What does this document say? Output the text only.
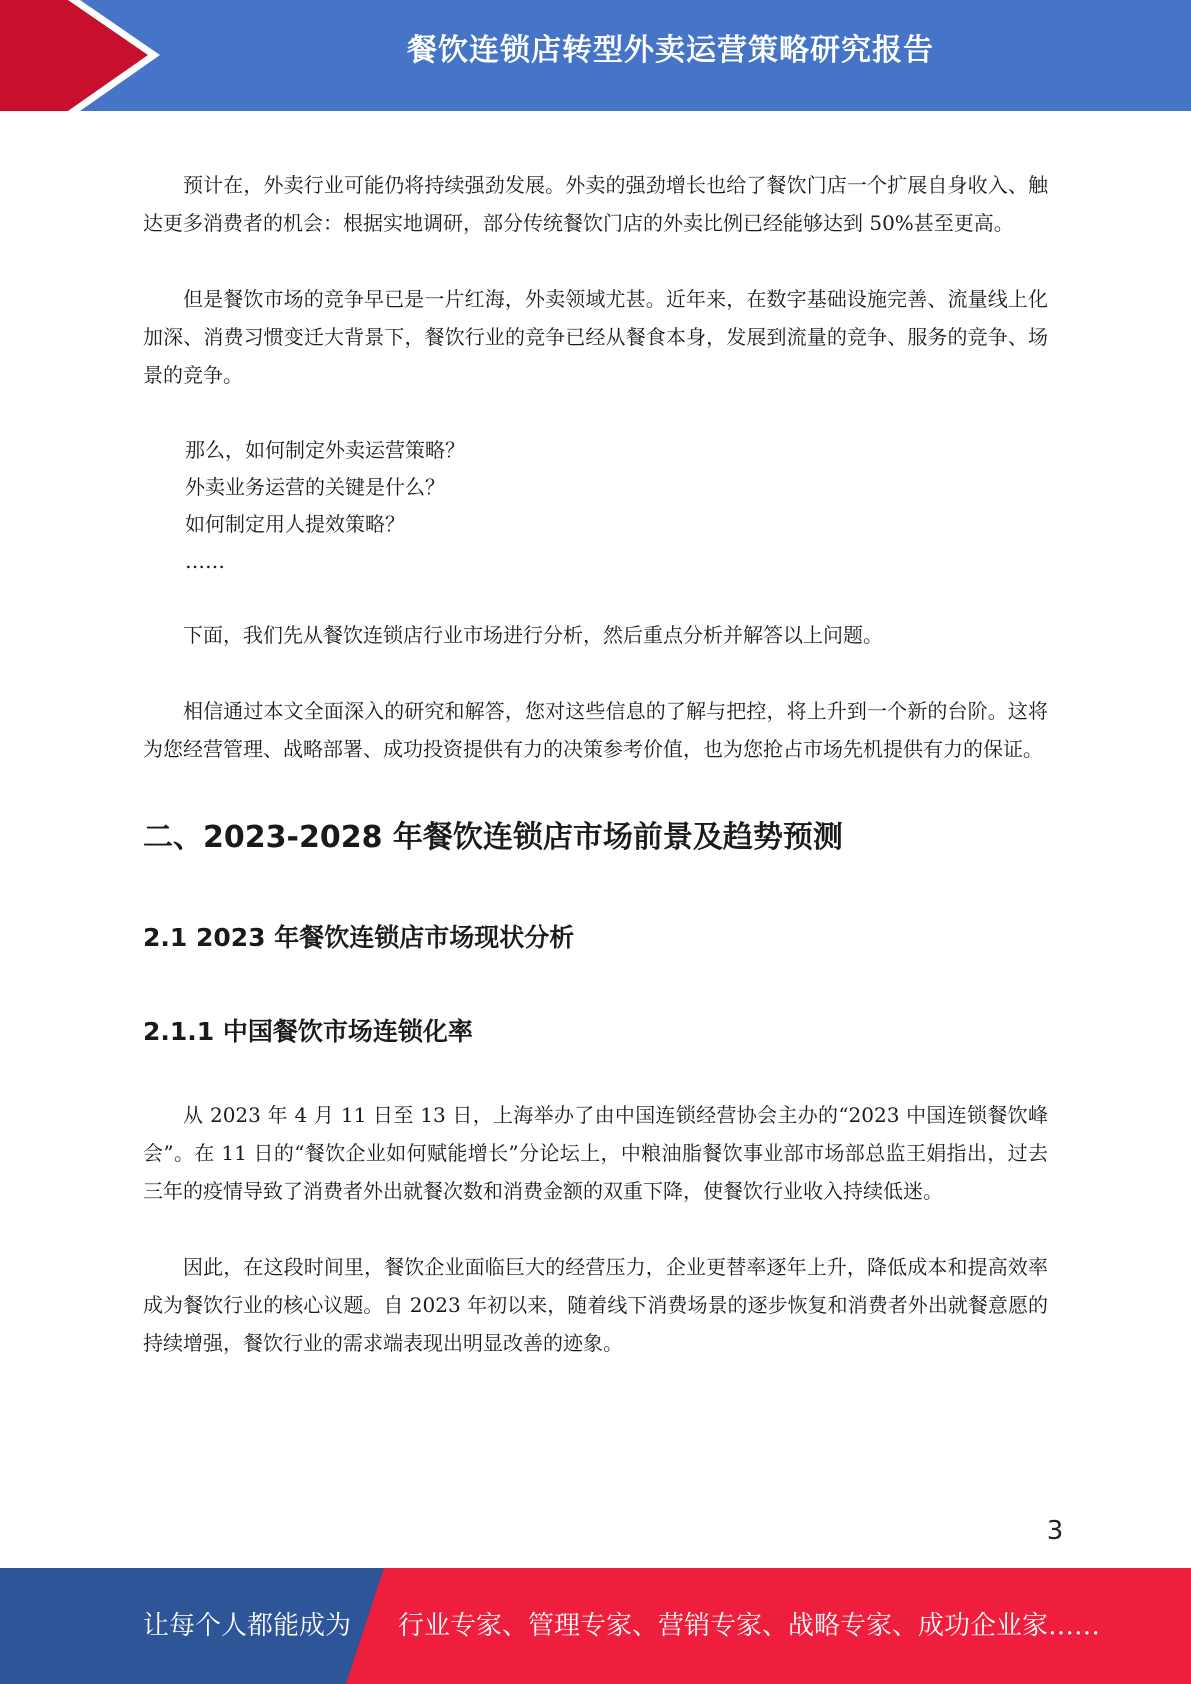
餐饮连锁店转型外卖运营策略研究报告

预计在，外卖行业可能仍将持续强劲发展。外卖的强劲增长也给了餐饮门店一个扩展自身收入、触达更多消费者的机会：根据实地调研，部分传统餐饮门店的外卖比例已经能够达到 50%甚至更高。

但是餐饮市场的竞争早已是一片红海，外卖领域尤甚。近年来，在数字基础设施完善、流量线上化加深、消费习惯变迁大背景下，餐饮行业的竞争已经从餐食本身，发展到流量的竞争、服务的竞争、场景的竞争。

那么，如何制定外卖运营策略？

外卖业务运营的关键是什么？

如何制定用人提效策略？

……

下面，我们先从餐饮连锁店行业市场进行分析，然后重点分析并解答以上问题。

相信通过本文全面深入的研究和解答，您对这些信息的了解与把控，将上升到一个新的台阶。这将为您经营管理、战略部署、成功投资提供有力的决策参考价值，也为您抢占市场先机提供有力的保证。

二、2023-2028 年餐饮连锁店市场前景及趋势预测
2.1 2023 年餐饮连锁店市场现状分析
2.1.1 中国餐饮市场连锁化率

从 2023 年 4 月 11 日至 13 日，上海举办了由中国连锁经营协会主办的“2023 中国连锁餐饮峰会”。在 11 日的“餐饮企业如何赋能增长”分论坛上，中粮油脂餐饮事业部市场部总监王娟指出，过去三年的疫情导致了消费者外出就餐次数和消费金额的双重下降，使餐饮行业收入持续低迷。

因此，在这段时间里，餐饮企业面临巨大的经营压力，企业更替率逐年上升，降低成本和提高效率成为餐饮行业的核心议题。自 2023 年初以来，随着线下消费场景的逐步恢复和消费者外出就餐意愿的持续增强，餐饮行业的需求端表现出明显改善的迹象。

3
让每个人都能成为 行业专家、管理专家、营销专家、战略专家、成功企业家……
